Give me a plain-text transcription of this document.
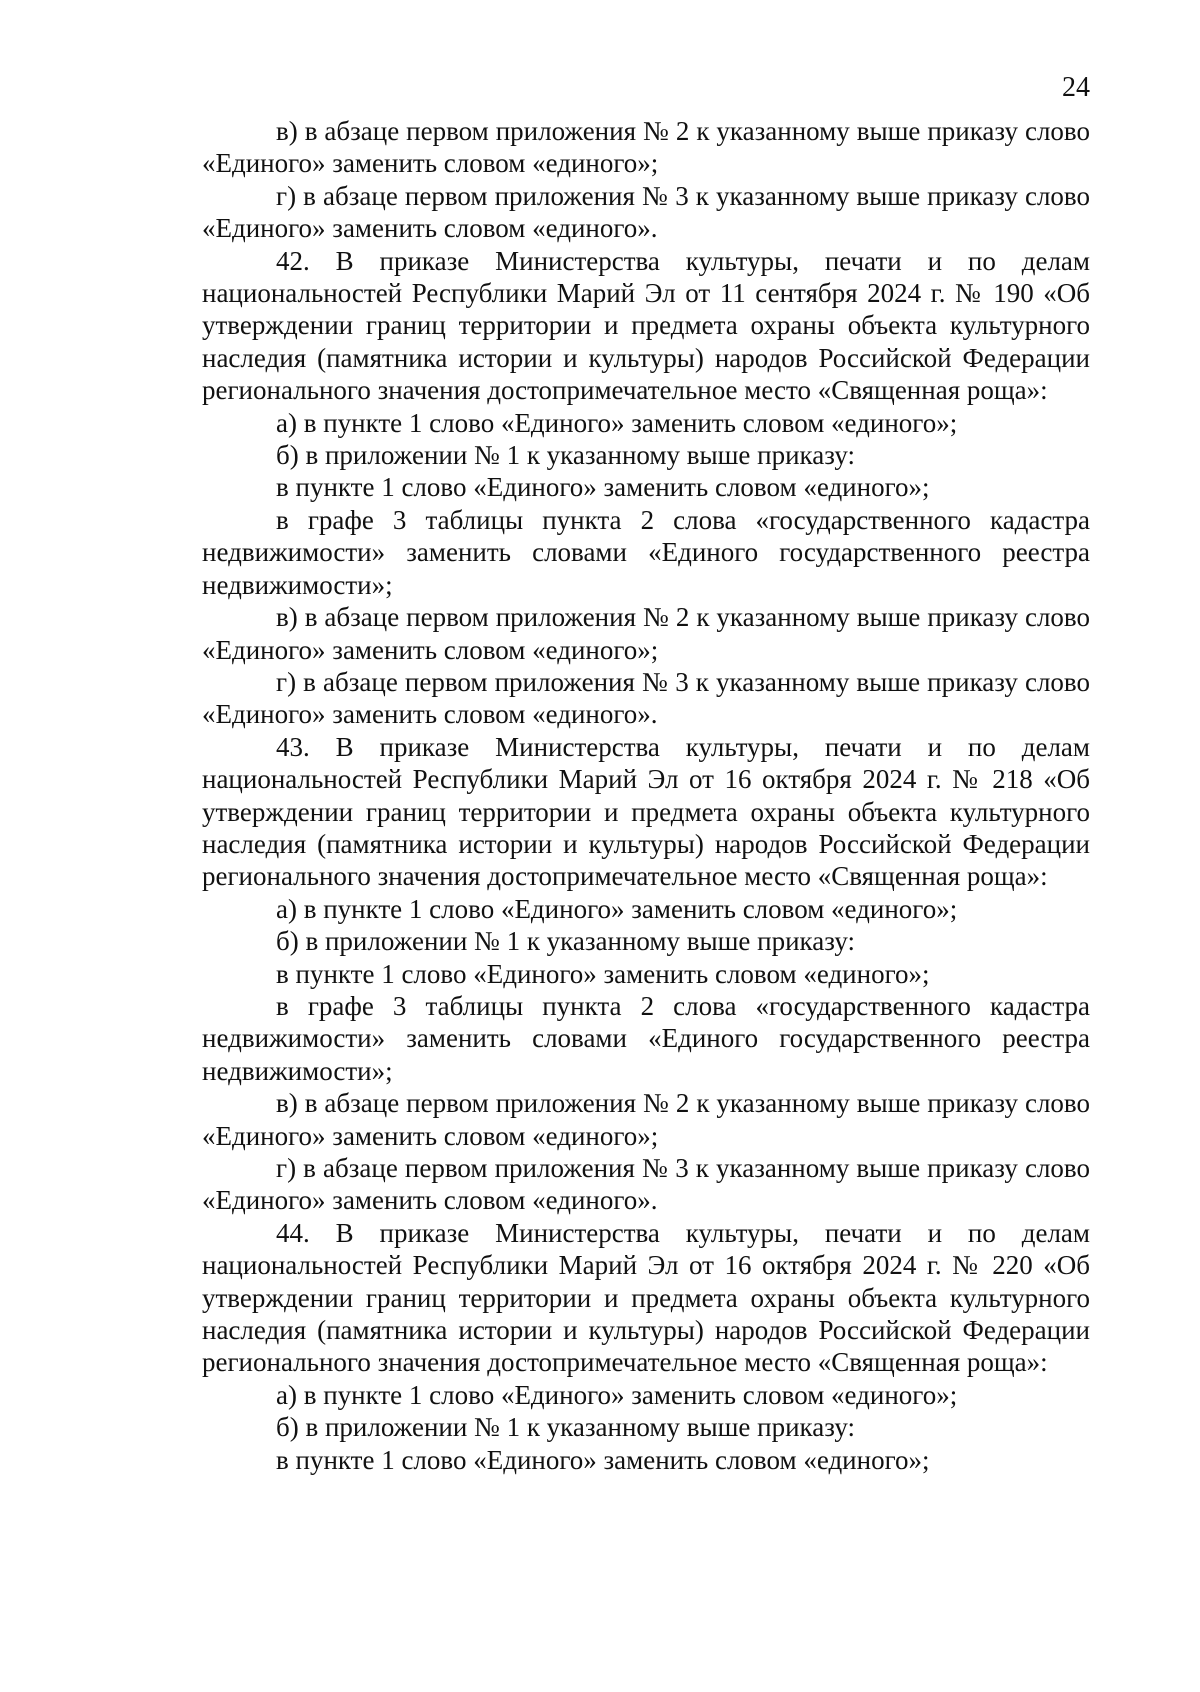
24

в) в абзаце первом приложения № 2 к указанному выше приказу слово «Единого» заменить словом «единого»;

г) в абзаце первом приложения № 3 к указанному выше приказу слово «Единого» заменить словом «единого».

42. В приказе Министерства культуры, печати и по делам национальностей Республики Марий Эл от 11 сентября 2024 г. № 190 «Об утверждении границ территории и предмета охраны объекта культурного наследия (памятника истории и культуры) народов Российской Федерации регионального значения достопримечательное место «Священная роща»:

а) в пункте 1 слово «Единого» заменить словом «единого»;

б) в приложении № 1 к указанному выше приказу:

в пункте 1 слово «Единого» заменить словом «единого»;

в графе 3 таблицы пункта 2 слова «государственного кадастра недвижимости» заменить словами «Единого государственного реестра недвижимости»;

в) в абзаце первом приложения № 2 к указанному выше приказу слово «Единого» заменить словом «единого»;

г) в абзаце первом приложения № 3 к указанному выше приказу слово «Единого» заменить словом «единого».

43. В приказе Министерства культуры, печати и по делам национальностей Республики Марий Эл от 16 октября 2024 г. № 218 «Об утверждении границ территории и предмета охраны объекта культурного наследия (памятника истории и культуры) народов Российской Федерации регионального значения достопримечательное место «Священная роща»:

а) в пункте 1 слово «Единого» заменить словом «единого»;

б) в приложении № 1 к указанному выше приказу:

в пункте 1 слово «Единого» заменить словом «единого»;

в графе 3 таблицы пункта 2 слова «государственного кадастра недвижимости» заменить словами «Единого государственного реестра недвижимости»;

в) в абзаце первом приложения № 2 к указанному выше приказу слово «Единого» заменить словом «единого»;

г) в абзаце первом приложения № 3 к указанному выше приказу слово «Единого» заменить словом «единого».

44. В приказе Министерства культуры, печати и по делам национальностей Республики Марий Эл от 16 октября 2024 г. № 220 «Об утверждении границ территории и предмета охраны объекта культурного наследия (памятника истории и культуры) народов Российской Федерации регионального значения достопримечательное место «Священная роща»:

а) в пункте 1 слово «Единого» заменить словом «единого»;

б) в приложении № 1 к указанному выше приказу:

в пункте 1 слово «Единого» заменить словом «единого»;
